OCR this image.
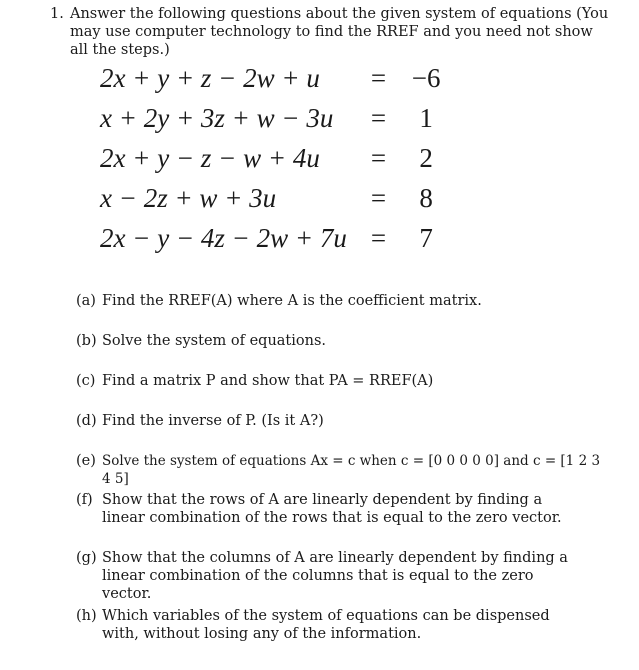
1. Answer the following questions about the given system of equations (You may use computer technology to find the RREF and you need not show all the steps.)
2x + y + z − 2w + u	=	−6
x + 2y + 3z + w − 3u	=	1
2x + y − z − w + 4u	=	2
x − 2z + w + 3u	=	8
2x − y − 4z − 2w + 7u	=	7
(a) Find the RREF(A) where A is the coefficient matrix.
(b) Solve the system of equations.
(c) Find a matrix P and show that PA = RREF(A)
(d) Find the inverse of P. (Is it A?)
(e) Solve the system of equations Ax = c when c = [0 0 0 0 0] and c = [1 2 3 4 5]
(f) Show that the rows of A are linearly dependent by finding a linear combination of the rows that is equal to the zero vector.
(g) Show that the columns of A are linearly dependent by finding a linear combination of the columns that is equal to the zero vector.
(h) Which variables of the system of equations can be dispensed with, without losing any of the information.
